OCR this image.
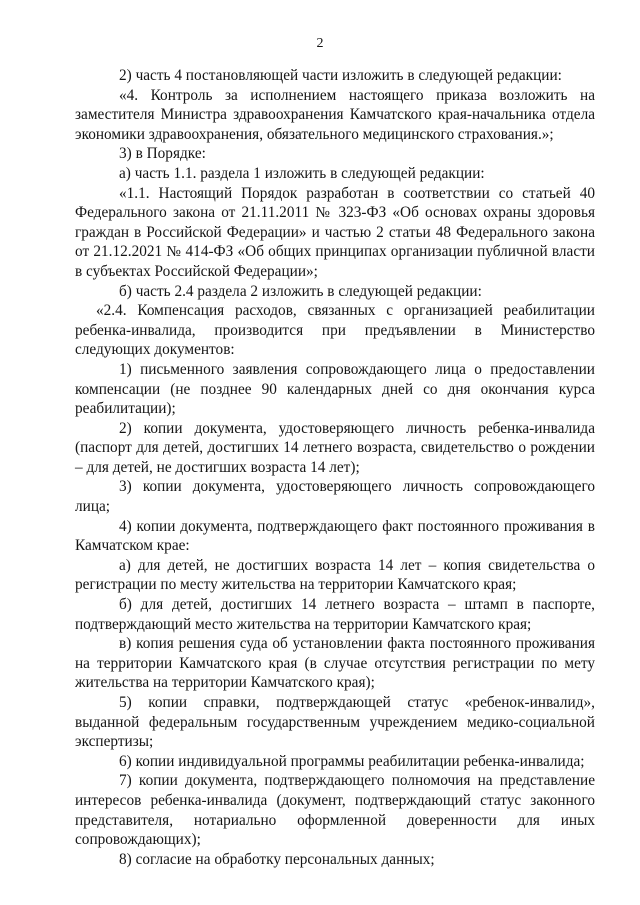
2

2) часть 4 постановляющей части изложить в следующей редакции:

«4. Контроль за исполнением настоящего приказа возложить на заместителя Министра здравоохранения Камчатского края-начальника отдела экономики здравоохранения, обязательного медицинского страхования.»;

3) в Порядке:

а) часть 1.1. раздела 1 изложить в следующей редакции:

«1.1. Настоящий Порядок разработан в соответствии со статьей 40 Федерального закона от 21.11.2011 № 323-ФЗ «Об основах охраны здоровья граждан в Российской Федерации» и частью 2 статьи 48 Федерального закона от 21.12.2021 № 414-ФЗ «Об общих принципах организации публичной власти в субъектах Российской Федерации»;

б) часть 2.4 раздела 2 изложить в следующей редакции:

«2.4. Компенсация расходов, связанных с организацией реабилитации ребенка-инвалида, производится при предъявлении в Министерство следующих документов:

1) письменного заявления сопровождающего лица о предоставлении компенсации (не позднее 90 календарных дней со дня окончания курса реабилитации);

2) копии документа, удостоверяющего личность ребенка-инвалида (паспорт для детей, достигших 14 летнего возраста, свидетельство о рождении – для детей, не достигших возраста 14 лет);

3) копии документа, удостоверяющего личность сопровождающего лица;

4) копии документа, подтверждающего факт постоянного проживания в Камчатском крае:

а) для детей, не достигших возраста 14 лет – копия свидетельства о регистрации по месту жительства на территории Камчатского края;

б) для детей, достигших 14 летнего возраста – штамп в паспорте, подтверждающий место жительства на территории Камчатского края;

в) копия решения суда об установлении факта постоянного проживания на территории Камчатского края (в случае отсутствия регистрации по мету жительства на территории Камчатского края);

5) копии справки, подтверждающей статус «ребенок-инвалид», выданной федеральным государственным учреждением медико-социальной экспертизы;

6) копии индивидуальной программы реабилитации ребенка-инвалида;

7) копии документа, подтверждающего полномочия на представление интересов ребенка-инвалида (документ, подтверждающий статус законного представителя, нотариально оформленной доверенности для иных сопровождающих);

8) согласие на обработку персональных данных;
